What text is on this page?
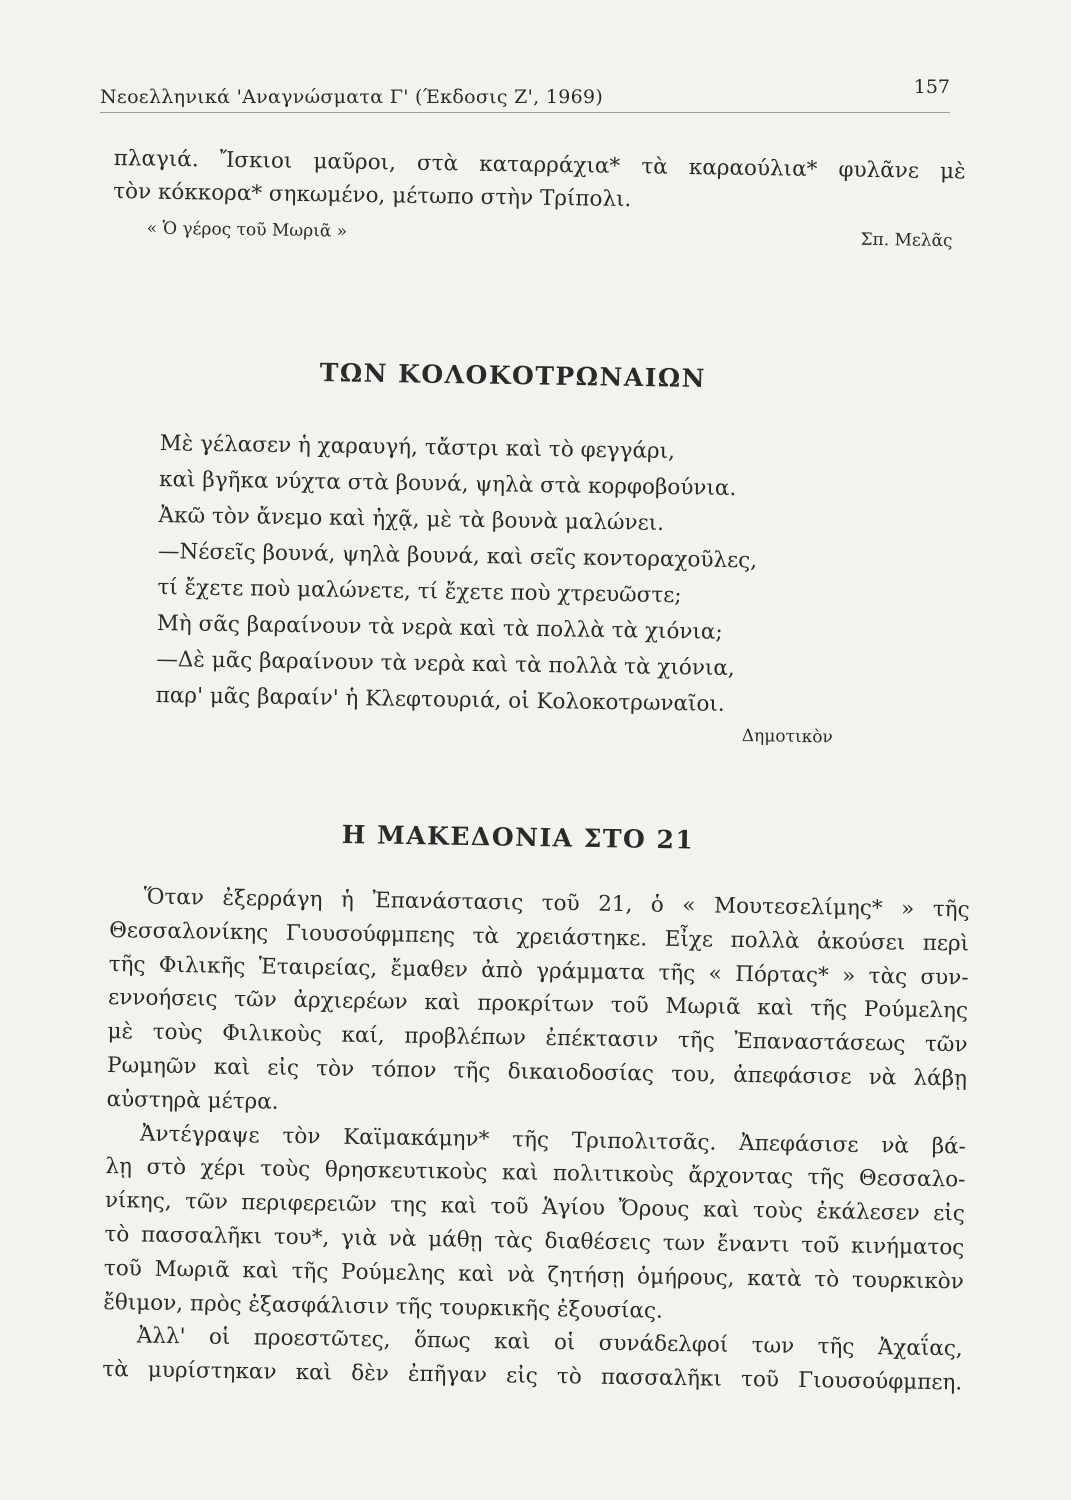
Νεοελληνικά 'Αναγνώσματα Γ' (Έκδοσις Ζ', 1969)	157
πλαγιά. Ἴσκιοι μαῦροι, στὰ καταρράχια* τὰ καραούλια* φυλᾶνε μὲ
τὸν κόκκορα* σηκωμένο, μέτωπο στὴν Τρίπολι.
« Ὁ γέρος τοῦ Μωριᾶ »	Σπ. Μελᾶς
ΤΩΝ ΚΟΛΟΚΟΤΡΩΝΑΙΩΝ
Μὲ γέλασεν ἡ χαραυγή, τἄστρι καὶ τὸ φεγγάρι,
καὶ βγῆκα νύχτα στὰ βουνά, ψηλὰ στὰ κορφοβούνια.
Ἀκῶ τὸν ἄνεμο καὶ ἠχᾷ, μὲ τὰ βουνὰ μαλώνει.
—Νέσεῖς βουνά, ψηλὰ βουνά, καὶ σεῖς κοντοραχοῦλες,
τί ἔχετε ποὺ μαλώνετε, τί ἔχετε ποὺ χτρευῶστε;
Μὴ σᾶς βαραίνουν τὰ νερὰ καὶ τὰ πολλὰ τὰ χιόνια;
—Δὲ μᾶς βαραίνουν τὰ νερὰ καὶ τὰ πολλὰ τὰ χιόνια,
παρ' μᾶς βαραίν' ἡ Κλεφτουριά, οἱ Κολοκοτρωναῖοι.
Δημοτικὸν
Η ΜΑΚΕΔΟΝΙΑ ΣΤΟ 21
Ὅταν ἐξερράγη ἡ Ἐπανάστασις τοῦ 21, ὁ « Μουτεσελίμης* » τῆς
Θεσσαλονίκης Γιουσούφμπεης τὰ χρειάστηκε. Εἶχε πολλὰ ἀκούσει περὶ
τῆς Φιλικῆς Ἑταιρείας, ἔμαθεν ἀπὸ γράμματα τῆς « Πόρτας* » τὰς συν-
εννοήσεις τῶν ἀρχιερέων καὶ προκρίτων τοῦ Μωριᾶ καὶ τῆς Ρούμελης
μὲ τοὺς Φιλικοὺς καί, προβλέπων ἐπέκτασιν τῆς Ἐπαναστάσεως τῶν
Ρωμηῶν καὶ εἰς τὸν τόπον τῆς δικαιοδοσίας του, ἀπεφάσισε νὰ λάβῃ
αὐστηρὰ μέτρα.
Ἀντέγραψε τὸν Καϊμακάμην* τῆς Τριπολιτσᾶς. Ἀπεφάσισε νὰ βά-
λῃ στὸ χέρι τοὺς θρησκευτικοὺς καὶ πολιτικοὺς ἄρχοντας τῆς Θεσσαλο-
νίκης, τῶν περιφερειῶν της καὶ τοῦ Ἁγίου Ὄρους καὶ τοὺς ἐκάλεσεν εἰς
τὸ πασσαλῆκι του*, γιὰ νὰ μάθῃ τὰς διαθέσεις των ἔναντι τοῦ κινήματος
τοῦ Μωριᾶ καὶ τῆς Ρούμελης καὶ νὰ ζητήσῃ ὁμήρους, κατὰ τὸ τουρκικὸν
ἔθιμον, πρὸς ἐξασφάλισιν τῆς τουρκικῆς ἐξουσίας.
Ἀλλ' οἱ προεστῶτες, ὅπως καὶ οἱ συνάδελφοί των τῆς Ἀχαΐας,
τὰ μυρίστηκαν καὶ δὲν ἐπῆγαν εἰς τὸ πασσαλῆκι τοῦ Γιουσούφμπεη.
